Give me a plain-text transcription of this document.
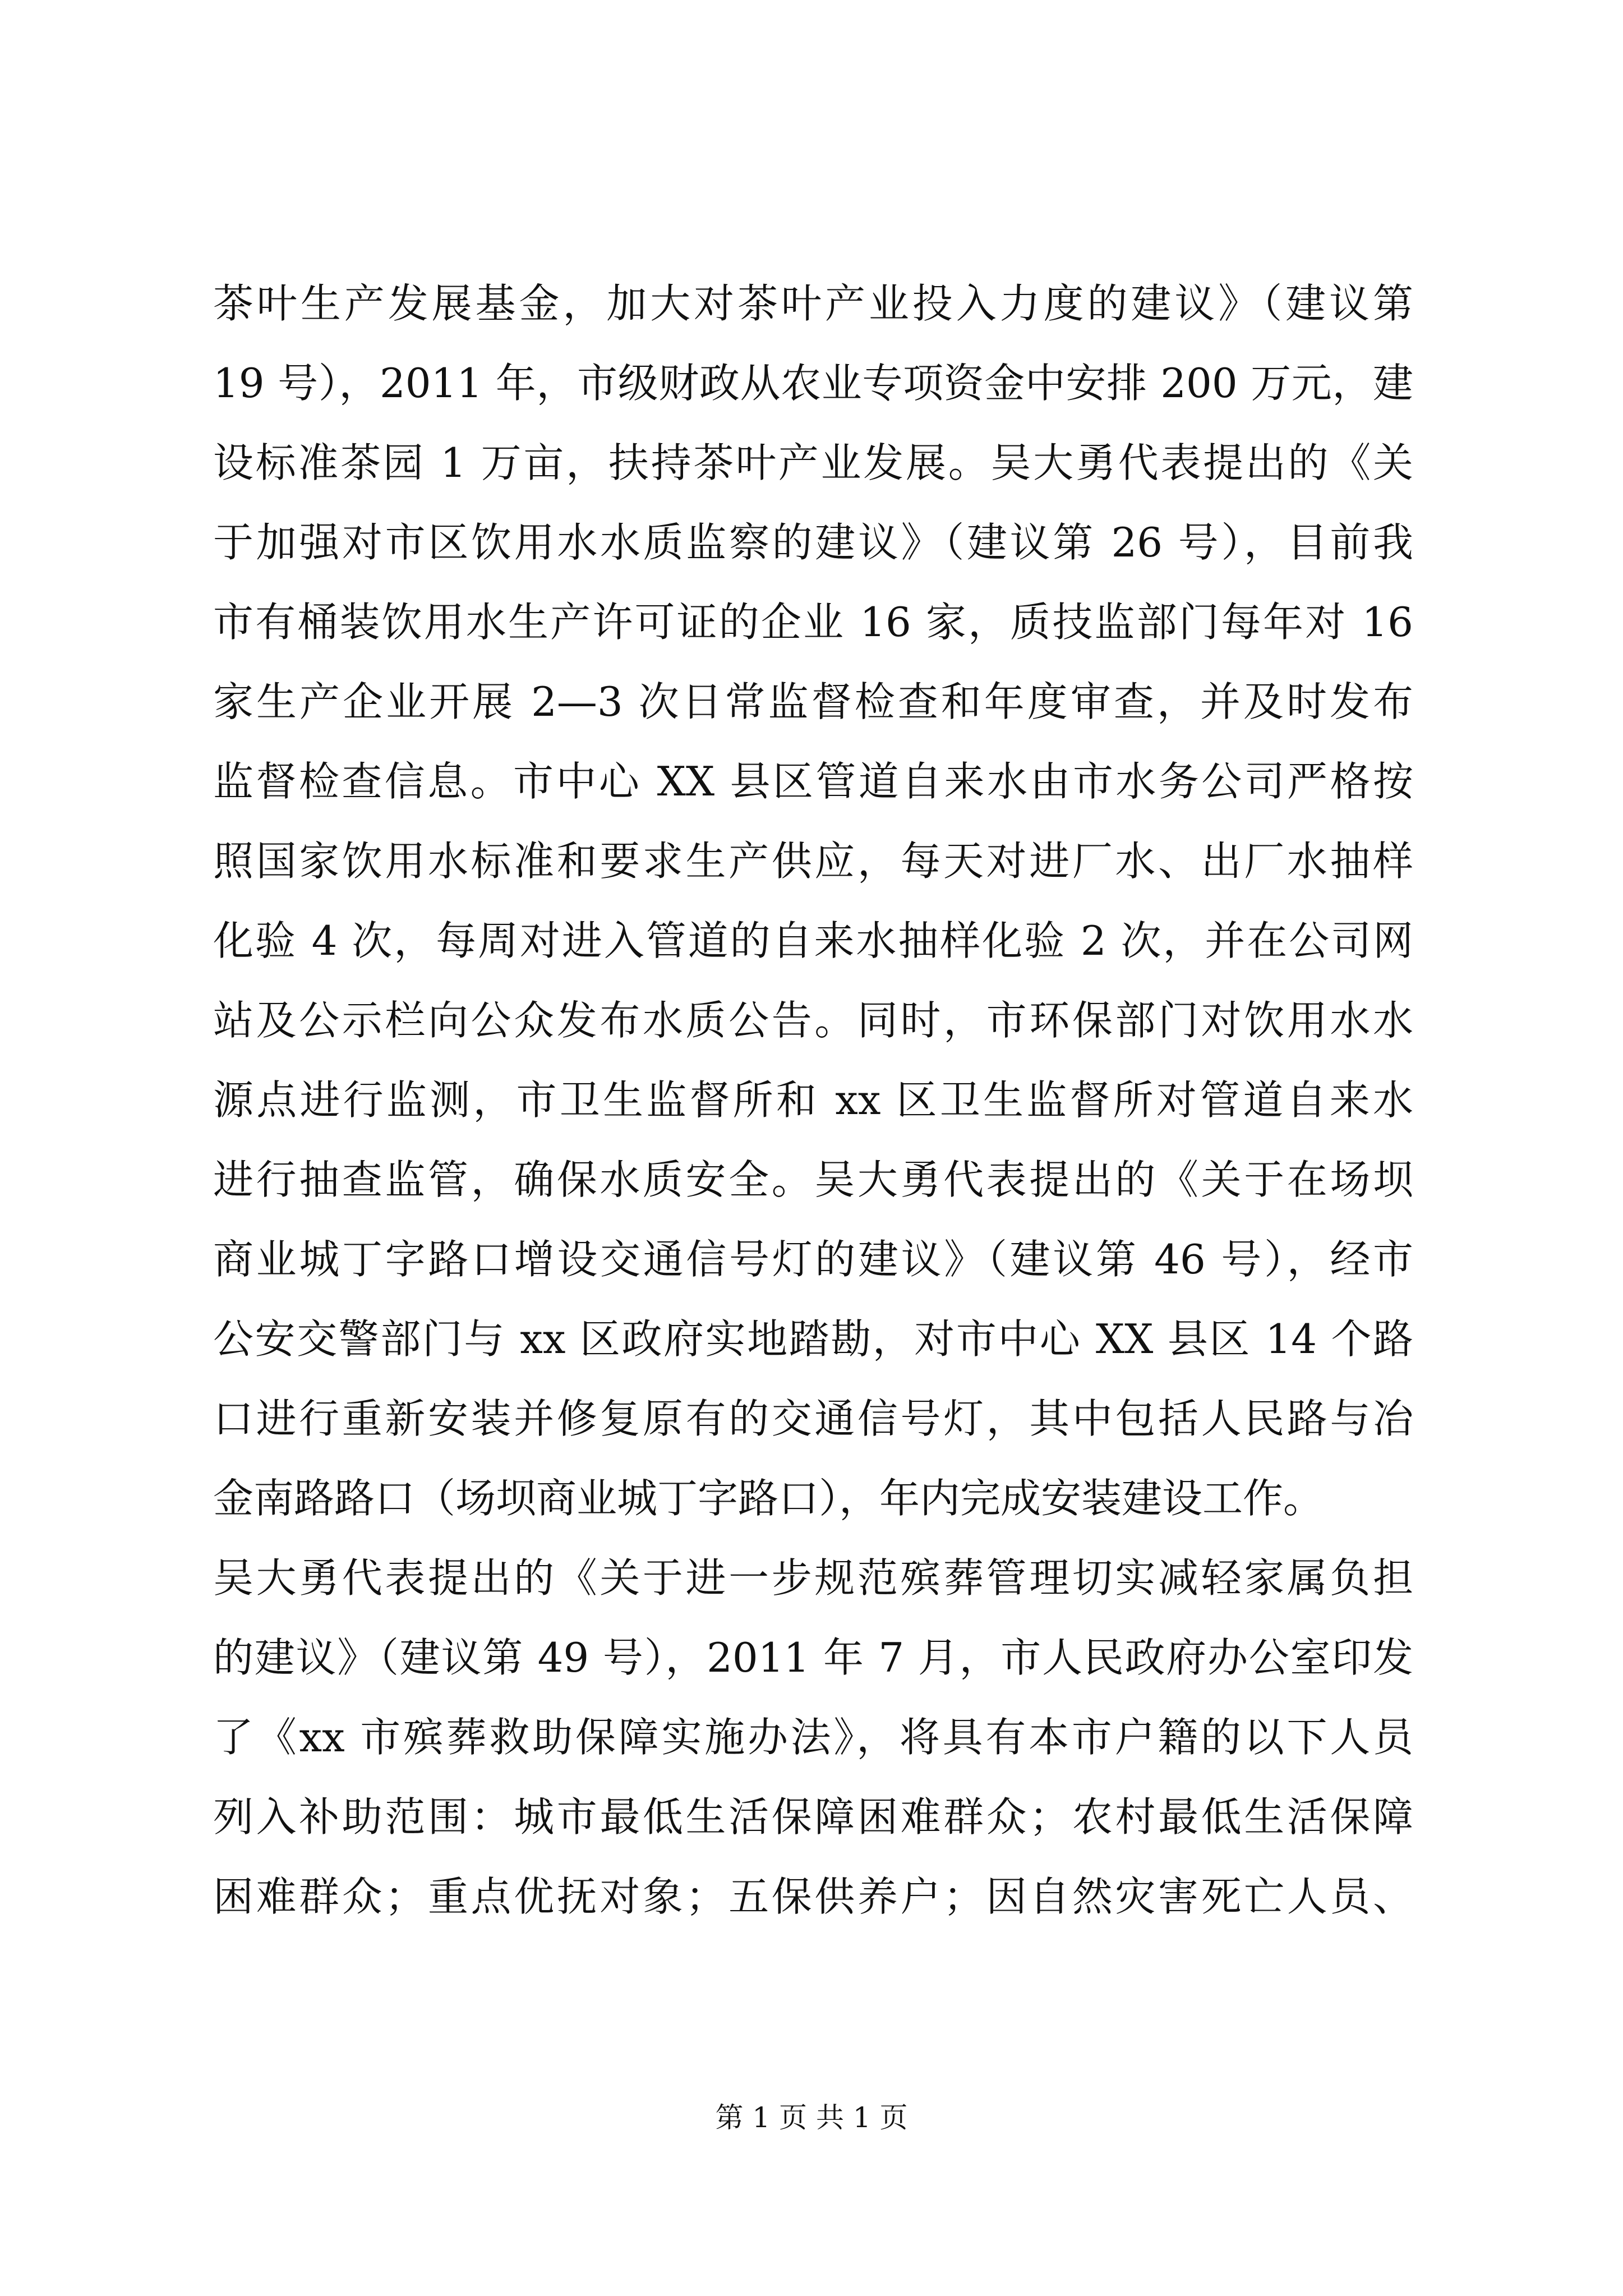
茶叶生产发展基金，加大对茶叶产业投入力度的建议》（建议第
19 号），2011 年，市级财政从农业专项资金中安排 200 万元，建
设标准茶园 1 万亩，扶持茶叶产业发展。吴大勇代表提出的《关
于加强对市区饮用水水质监察的建议》（建议第 26 号），目前我
市有桶装饮用水生产许可证的企业 16 家，质技监部门每年对 16
家生产企业开展 2—3 次日常监督检查和年度审查，并及时发布
监督检查信息。市中心 XX 县区管道自来水由市水务公司严格按
照国家饮用水标准和要求生产供应，每天对进厂水、出厂水抽样
化验 4 次，每周对进入管道的自来水抽样化验 2 次，并在公司网
站及公示栏向公众发布水质公告。同时，市环保部门对饮用水水
源点进行监测，市卫生监督所和 xx 区卫生监督所对管道自来水
进行抽查监管，确保水质安全。吴大勇代表提出的《关于在场坝
商业城丁字路口增设交通信号灯的建议》（建议第 46 号），经市
公安交警部门与 xx 区政府实地踏勘，对市中心 XX 县区 14 个路
口进行重新安装并修复原有的交通信号灯，其中包括人民路与冶
金南路路口（场坝商业城丁字路口），年内完成安装建设工作。
吴大勇代表提出的《关于进一步规范殡葬管理切实减轻家属负担
的建议》（建议第 49 号），2011 年 7 月，市人民政府办公室印发
了《xx 市殡葬救助保障实施办法》，将具有本市户籍的以下人员
列入补助范围：城市最低生活保障困难群众；农村最低生活保障
困难群众；重点优抚对象；五保供养户；因自然灾害死亡人员、
第 1 页 共 1 页
